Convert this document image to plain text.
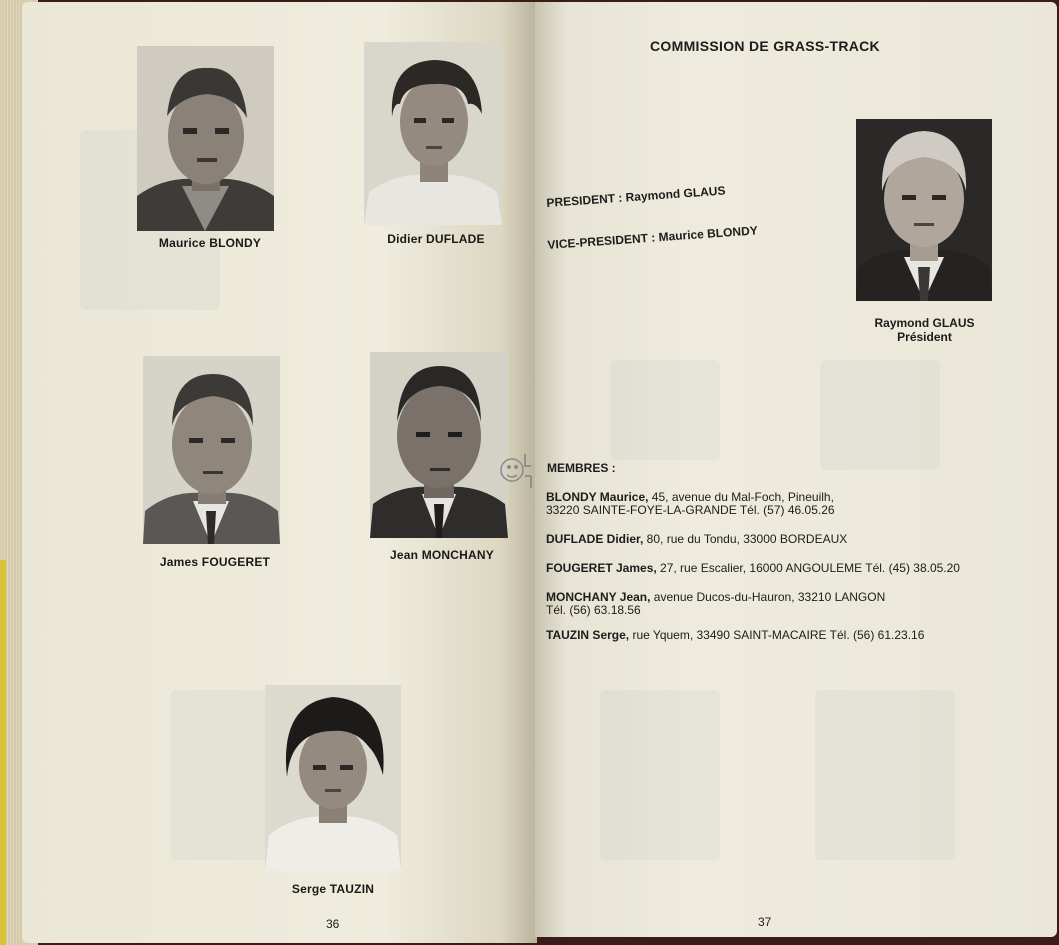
Maurice BLONDY	Didier DUFLADE
James FOUGERET	Jean MONCHANY
Serge TAUZIN
36
COMMISSION DE GRASS-TRACK
PRESIDENT : Raymond GLAUS
VICE-PRESIDENT : Maurice BLONDY
Raymond GLAUS
Président
MEMBRES :
BLONDY Maurice, 45, avenue du Mal-Foch, Pineuilh,
33220 SAINTE-FOYE-LA-GRANDE Tél. (57) 46.05.26
DUFLADE Didier, 80, rue du Tondu, 33000 BORDEAUX
FOUGERET James, 27, rue Escalier, 16000 ANGOULEME Tél. (45) 38.05.20
MONCHANY Jean, avenue Ducos-du-Hauron, 33210 LANGON
Tél. (56) 63.18.56
TAUZIN Serge, rue Yquem, 33490 SAINT-MACAIRE Tél. (56) 61.23.16
37
